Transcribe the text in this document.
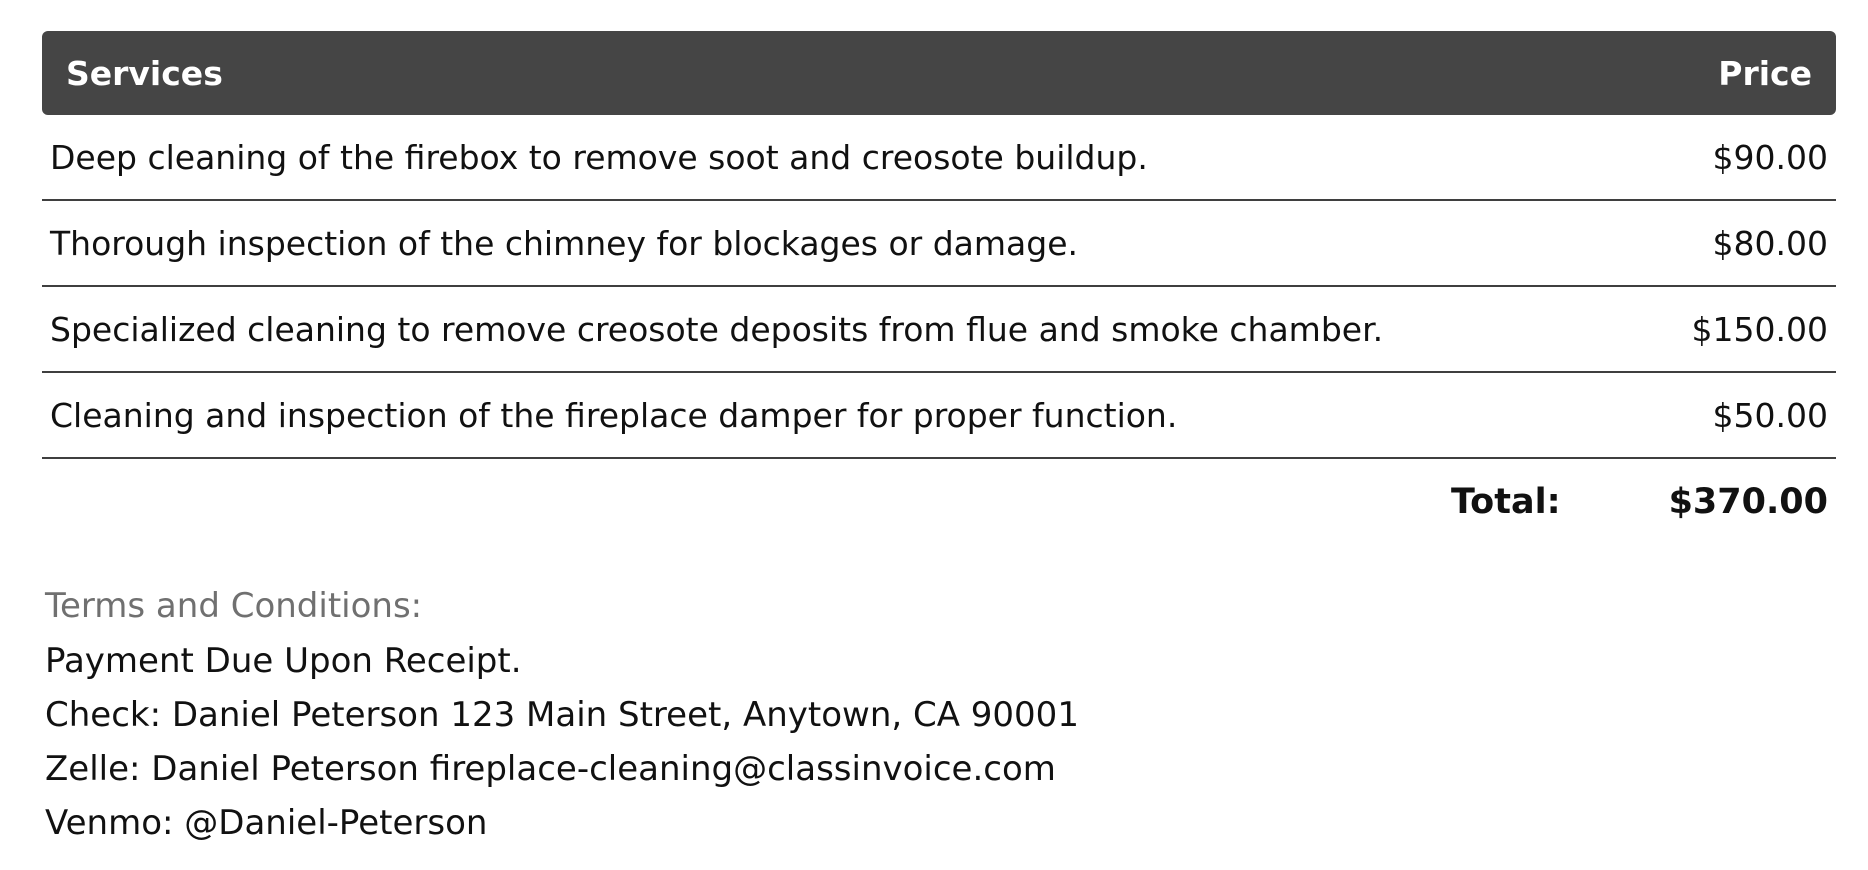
Services	Price
Deep cleaning of the firebox to remove soot and creosote buildup.	$90.00
Thorough inspection of the chimney for blockages or damage.	$80.00
Specialized cleaning to remove creosote deposits from flue and smoke chamber.	$150.00
Cleaning and inspection of the fireplace damper for proper function.	$50.00
Total:	$370.00
Terms and Conditions:
Payment Due Upon Receipt.
Check: Daniel Peterson 123 Main Street, Anytown, CA 90001
Zelle: Daniel Peterson fireplace-cleaning@classinvoice.com
Venmo: @Daniel-Peterson
